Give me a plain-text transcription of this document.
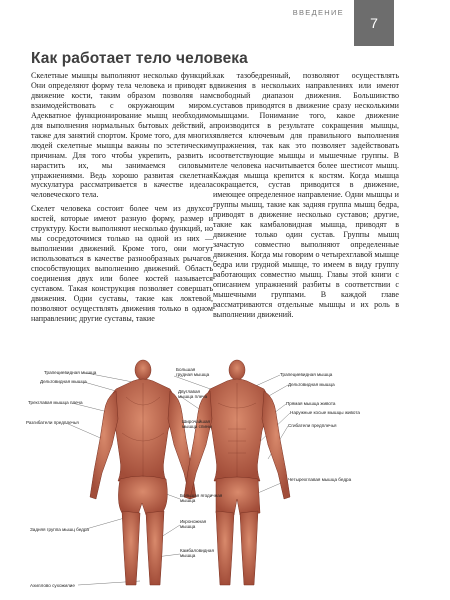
ВВЕДЕНИЕ
7
Как работает тело человека

Скелетные мышцы выполняют несколько функций. Они определяют форму тела человека и приводят в движение кости, таким образом позволяя нам взаимодействовать с окружающим миром. Адекватное функционирование мышц необходимо для выполнения нормальных бытовых действий, а также для занятий спортом. Кроме того, для многих людей скелетные мышцы важны по эстетическим причинам. Для того чтобы укрепить, развить и нарастить их, мы занимаемся силовыми упражнениями. Ведь хорошо развитая скелетная мускулатура рассматривается в качестве идеала человеческого тела.

Скелет человека состоит более чем из двухсот костей, которые имеют разную форму, размер и структуру. Кости выполняют несколько функций, но мы сосредоточимся только на одной из них — выполнении движений. Кроме того, они могут использоваться в качестве разнообразных рычагов, способствующих выполнению движений. Область соединения двух или более костей называется суставом. Такая конструкция позволяет совершать движения. Одни суставы, такие как локтевой, позволяют осуществлять движения только в одном направлении; другие суставы, такие

как тазобедренный, позволяют осуществлять движения в нескольких направлениях или имеют свободный диапазон движения. Большинство суставов приводятся в движение сразу несколькими мышцами. Понимание того, какое движение производится в результате сокращения мышцы, является ключевым для правильного выполнения упражнения, так как это позволяет задействовать соответствующие мышцы и мышечные группы. В теле человека насчитывается более шестисот мышц. Каждая мышца крепится к костям. Когда мышца сокращается, сустав приводится в движение, имеющее определенное направление. Одни мышцы и группы мышц, такие как задняя группа мышц бедра, приводят в движение несколько суставов; другие, такие как камбаловидная мышца, приводят в движение только один сустав. Группы мышц зачастую совместно выполняют определенные движения. Когда мы говорим о четырехглавой мышце бедра или грудной мышце, то имеем в виду группу работающих совместно мышц. Главы этой книги с описанием упражнений разбиты в соответствии с мышечными группами. В каждой главе рассматриваются отдельные мышцы и их роль в выполнении движений.

Трапециевидная мышца
Дельтовидная мышца
Трехглавая мышца плеча
Разгибатели предплечья
Задняя группа мышц бедра
Ахиллово сухожилие
Большая
грудная мышца
Двуглавая
мышца плеча
Широчайшая
мышца спины
Большая ягодичная
мышца
Икроножная
мышца
Камбаловидная
мышца
Трапециевидная мышца
Дельтовидная мышца
Прямая мышца живота
Наружные косые мышцы живота
Сгибатели предплечья
Четырехглавая мышца бедра
